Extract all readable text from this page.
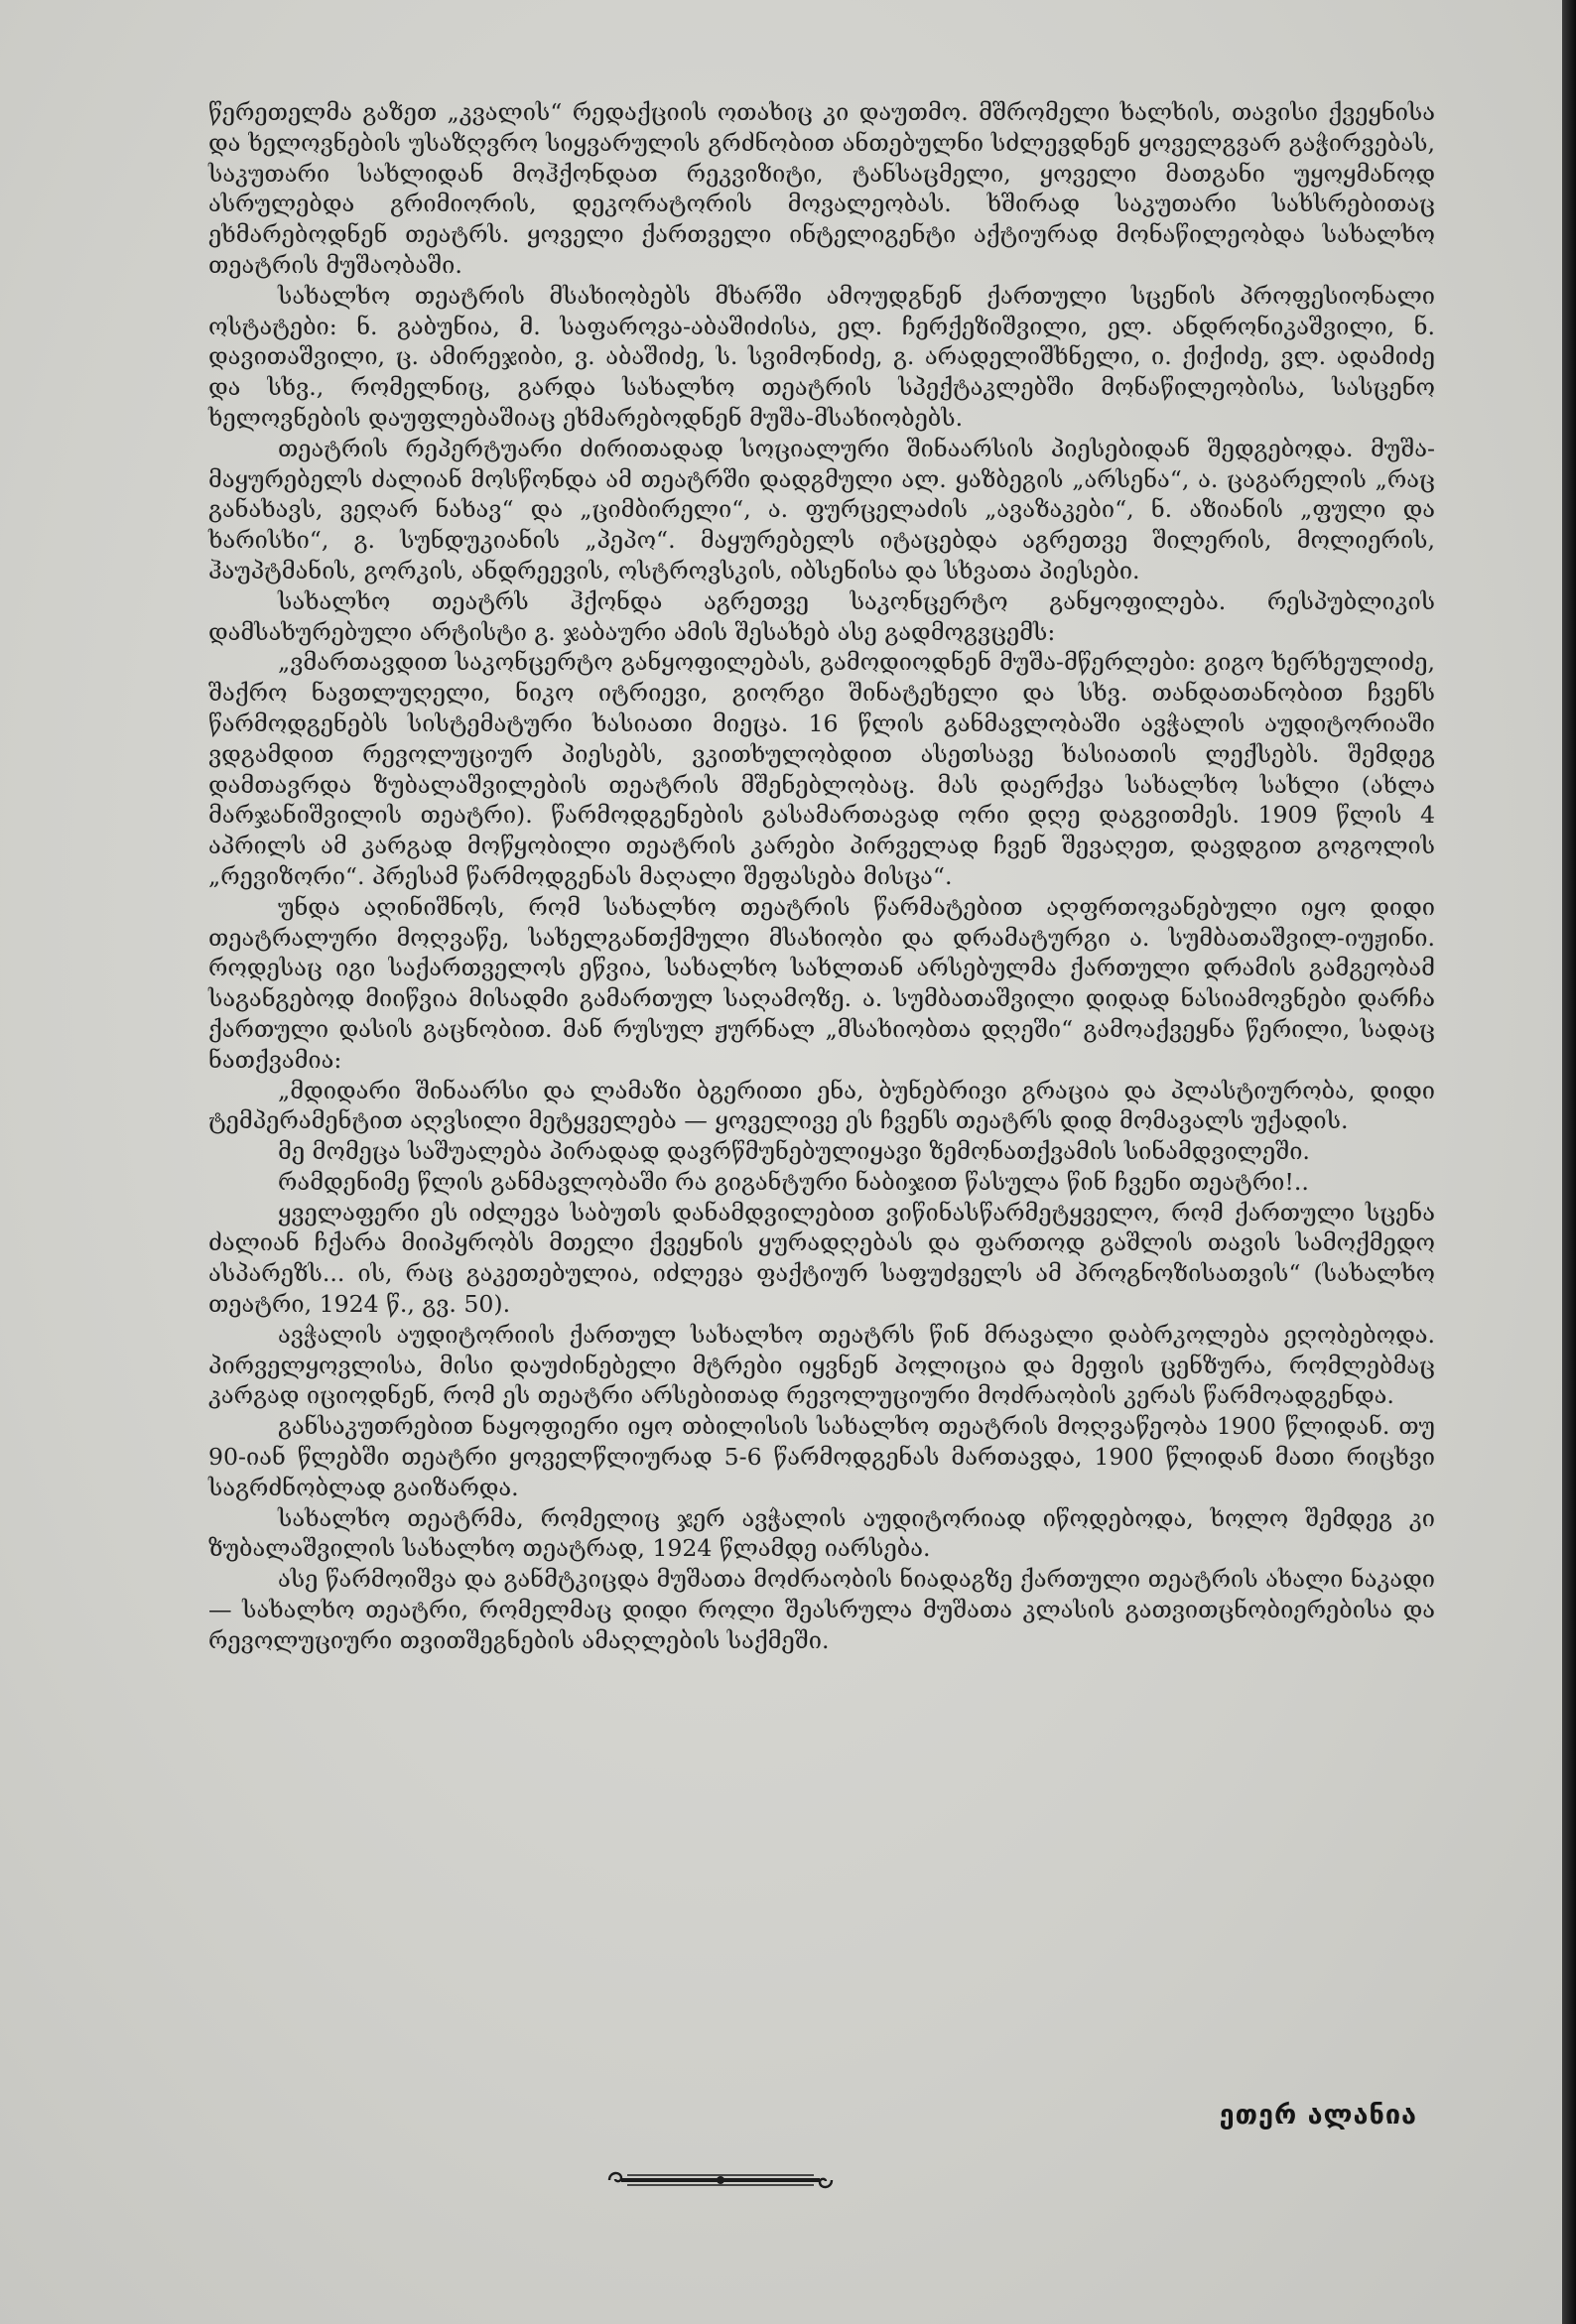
წერეთელმა გაზეთ „კვალის“ რედაქციის ოთახიც კი დაუთმო. მშრომელი ხალხის, თავისი ქვეყნისა და ხელოვნების უსაზღვრო სიყვარულის გრძნობით ანთებულნი სძლევდნენ ყოველგვარ გაჭირვებას, საკუთარი სახლიდან მოჰქონდათ რეკვიზიტი, ტანსაცმელი, ყოველი მათგანი უყოყმანოდ ასრულებდა გრიმიორის, დეკორატორის მოვალეობას. ხშირად საკუთარი სახსრებითაც ეხმარებოდნენ თეატრს. ყოველი ქართველი ინტელიგენტი აქტიურად მონაწილეობდა სახალხო თეატრის მუშაობაში.

სახალხო თეატრის მსახიობებს მხარში ამოუდგნენ ქართული სცენის პროფესიონალი ოსტატები: ნ. გაბუნია, მ. საფაროვა-აბაშიძისა, ელ. ჩერქეზიშვილი, ელ. ანდრონიკაშვილი, ნ. დავითაშვილი, ც. ამირეჯიბი, ვ. აბაშიძე, ს. სვიმონიძე, გ. არადელიშხნელი, ი. ქიქიძე, ვლ. ადამიძე და სხვ., რომელნიც, გარდა სახალხო თეატრის სპექტაკლებში მონაწილეობისა, სასცენო ხელოვნების დაუფლებაშიაც ეხმარებოდნენ მუშა-მსახიობებს.

თეატრის რეპერტუარი ძირითადად სოციალური შინაარსის პიესებიდან შედგებოდა. მუშა-მაყურებელს ძალიან მოსწონდა ამ თეატრში დადგმული ალ. ყაზბეგის „არსენა“, ა. ცაგარელის „რაც განახავს, ვეღარ ნახავ“ და „ციმბირელი“, ა. ფურცელაძის „ავაზაკები“, ნ. აზიანის „ფული და ხარისხი“, გ. სუნდუკიანის „პეპო“. მაყურებელს იტაცებდა აგრეთვე შილერის, მოლიერის, ჰაუპტმანის, გორკის, ანდრეევის, ოსტროვსკის, იბსენისა და სხვათა პიესები.

სახალხო თეატრს ჰქონდა აგრეთვე საკონცერტო განყოფილება. რესპუბლიკის დამსახურებული არტისტი გ. ჯაბაური ამის შესახებ ასე გადმოგვცემს:

„ვმართავდით საკონცერტო განყოფილებას, გამოდიოდნენ მუშა-მწერლები: გიგო ხერხეულიძე, შაქრო ნავთლუღელი, ნიკო იტრიევი, გიორგი შინატეხელი და სხვ. თანდათანობით ჩვენს წარმოდგენებს სისტემატური ხასიათი მიეცა. 16 წლის განმავლობაში ავჭალის აუდიტორიაში ვდგამდით რევოლუციურ პიესებს, ვკითხულობდით ასეთსავე ხასიათის ლექსებს. შემდეგ დამთავრდა ზუბალაშვილების თეატრის მშენებლობაც. მას დაერქვა სახალხო სახლი (ახლა მარჯანიშვილის თეატრი). წარმოდგენების გასამართავად ორი დღე დაგვითმეს. 1909 წლის 4 აპრილს ამ კარგად მოწყობილი თეატრის კარები პირველად ჩვენ შევაღეთ, დავდგით გოგოლის „რევიზორი“. პრესამ წარმოდგენას მაღალი შეფასება მისცა“.

უნდა აღინიშნოს, რომ სახალხო თეატრის წარმატებით აღფრთოვანებული იყო დიდი თეატრალური მოღვაწე, სახელგანთქმული მსახიობი და დრამატურგი ა. სუმბათაშვილ-იუჟინი. როდესაც იგი საქართველოს ეწვია, სახალხო სახლთან არსებულმა ქართული დრამის გამგეობამ საგანგებოდ მიიწვია მისადმი გამართულ საღამოზე. ა. სუმბათაშვილი დიდად ნასიამოვნები დარჩა ქართული დასის გაცნობით. მან რუსულ ჟურნალ „მსახიობთა დღეში“ გამოაქვეყნა წერილი, სადაც ნათქვამია:

„მდიდარი შინაარსი და ლამაზი ბგერითი ენა, ბუნებრივი გრაცია და პლასტიურობა, დიდი ტემპერამენტით აღვსილი მეტყველება — ყოველივე ეს ჩვენს თეატრს დიდ მომავალს უქადის.

მე მომეცა საშუალება პირადად დავრწმუნებულიყავი ზემონათქვამის სინამდვილეში.

რამდენიმე წლის განმავლობაში რა გიგანტური ნაბიჯით წასულა წინ ჩვენი თეატრი!..

ყველაფერი ეს იძლევა საბუთს დანამდვილებით ვიწინასწარმეტყველო, რომ ქართული სცენა ძალიან ჩქარა მიიპყრობს მთელი ქვეყნის ყურადღებას და ფართოდ გაშლის თავის სამოქმედო ასპარეზს... ის, რაც გაკეთებულია, იძლევა ფაქტიურ საფუძველს ამ პროგნოზისათვის“ (სახალხო თეატრი, 1924 წ., გვ. 50).

ავჭალის აუდიტორიის ქართულ სახალხო თეატრს წინ მრავალი დაბრკოლება ეღობებოდა. პირველყოვლისა, მისი დაუძინებელი მტრები იყვნენ პოლიცია და მეფის ცენზურა, რომლებმაც კარგად იციოდნენ, რომ ეს თეატრი არსებითად რევოლუციური მოძრაობის კერას წარმოადგენდა.

განსაკუთრებით ნაყოფიერი იყო თბილისის სახალხო თეატრის მოღვაწეობა 1900 წლიდან. თუ 90-იან წლებში თეატრი ყოველწლიურად 5-6 წარმოდგენას მართავდა, 1900 წლიდან მათი რიცხვი საგრძნობლად გაიზარდა.

სახალხო თეატრმა, რომელიც ჯერ ავჭალის აუდიტორიად იწოდებოდა, ხოლო შემდეგ კი ზუბალაშვილის სახალხო თეატრად, 1924 წლამდე იარსება.

ასე წარმოიშვა და განმტკიცდა მუშათა მოძრაობის ნიადაგზე ქართული თეატრის ახალი ნაკადი — სახალხო თეატრი, რომელმაც დიდი როლი შეასრულა მუშათა კლასის გათვითცნობიერებისა და რევოლუციური თვითშეგნების ამაღლების საქმეში.

ეთერ ალანია
